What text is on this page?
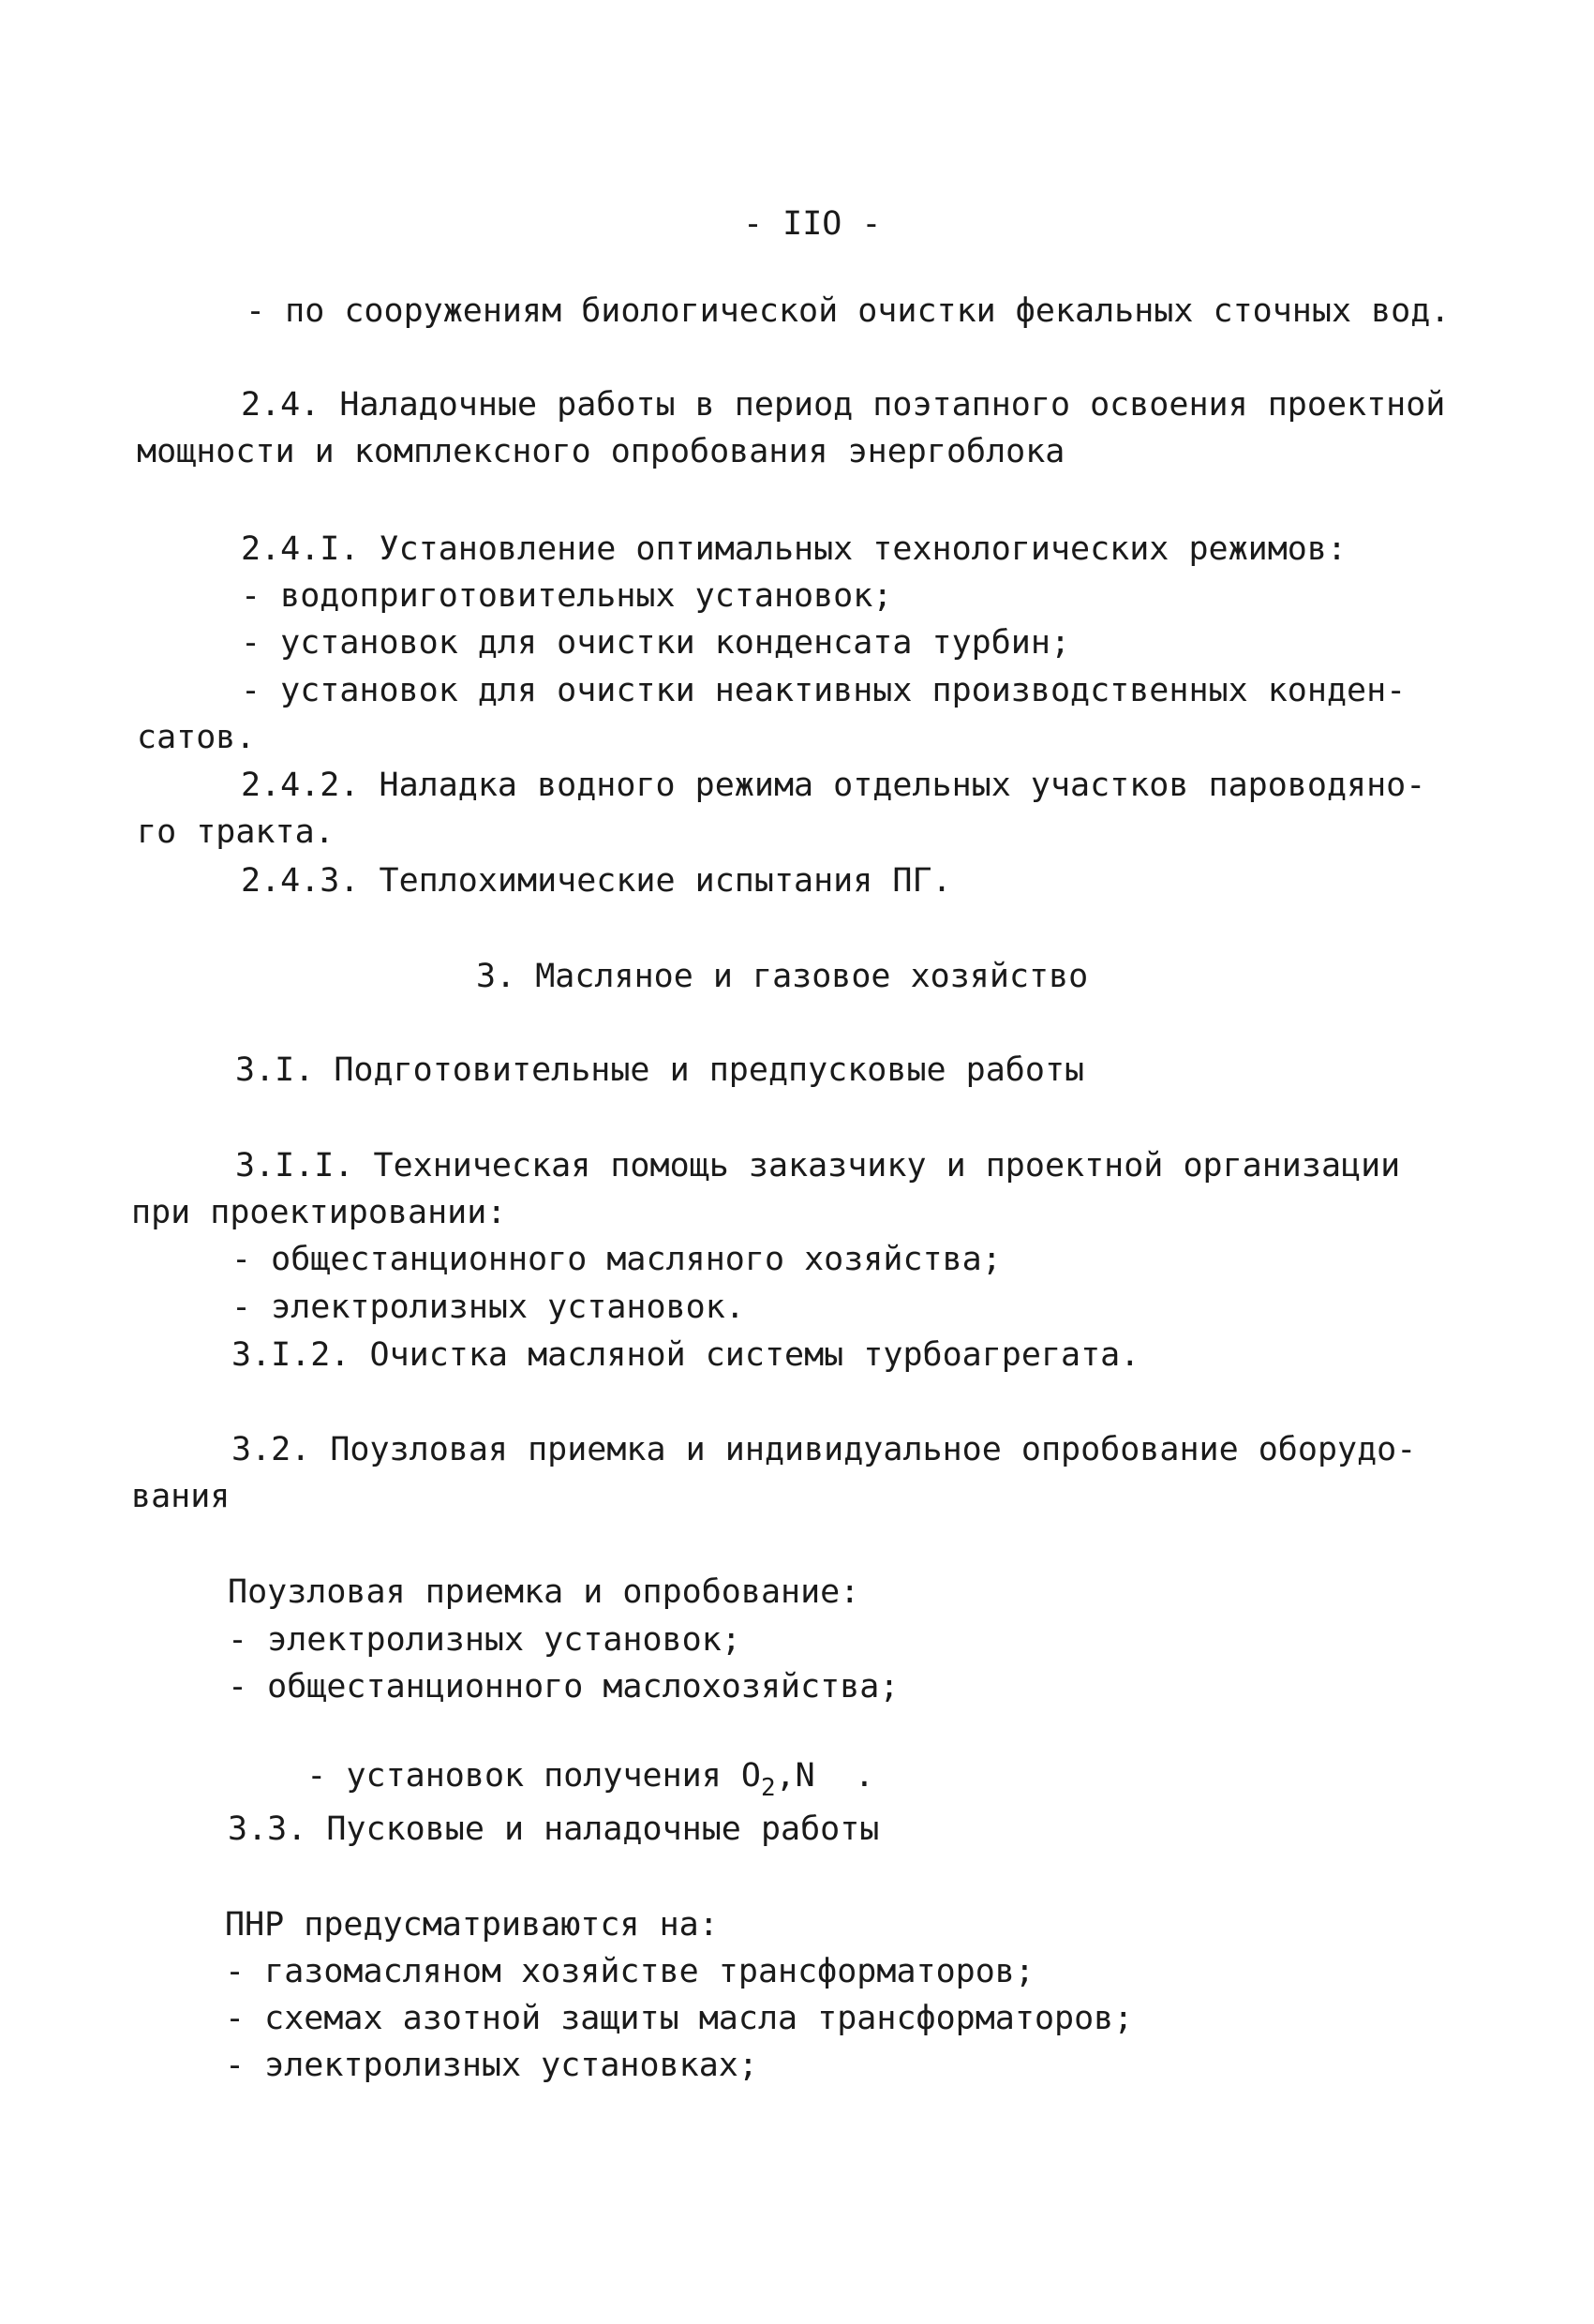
- IIO -
- по сооружениям биологической очистки фекальных сточных вод.
2.4. Наладочные работы в период поэтапного освоения проектной
мощности и комплексного опробования энергоблока
2.4.I. Установление оптимальных технологических режимов:
- водоприготовительных установок;
- установок для очистки конденсата турбин;
- установок для очистки неактивных производственных конден-
сатов.
2.4.2. Наладка водного режима отдельных участков пароводяно-
го тракта.
2.4.3. Теплохимические испытания ПГ.
3. Масляное и газовое хозяйство
3.I. Подготовительные и предпусковые работы
3.I.I. Техническая помощь заказчику и проектной организации
при проектировании:
- общестанционного масляного хозяйства;
- электролизных установок.
3.I.2. Очистка масляной системы турбоагрегата.
3.2. Поузловая приемка и индивидуальное опробование оборудо-
вания
Поузловая приемка и опробование:
- электролизных установок;
- общестанционного маслохозяйства;

- установок получения $О_2,N$  .

3.3. Пусковые и наладочные работы
ПНР предусматриваются на:
- газомасляном хозяйстве трансформаторов;
- схемах азотной защиты масла трансформаторов;
- электролизных установках;
